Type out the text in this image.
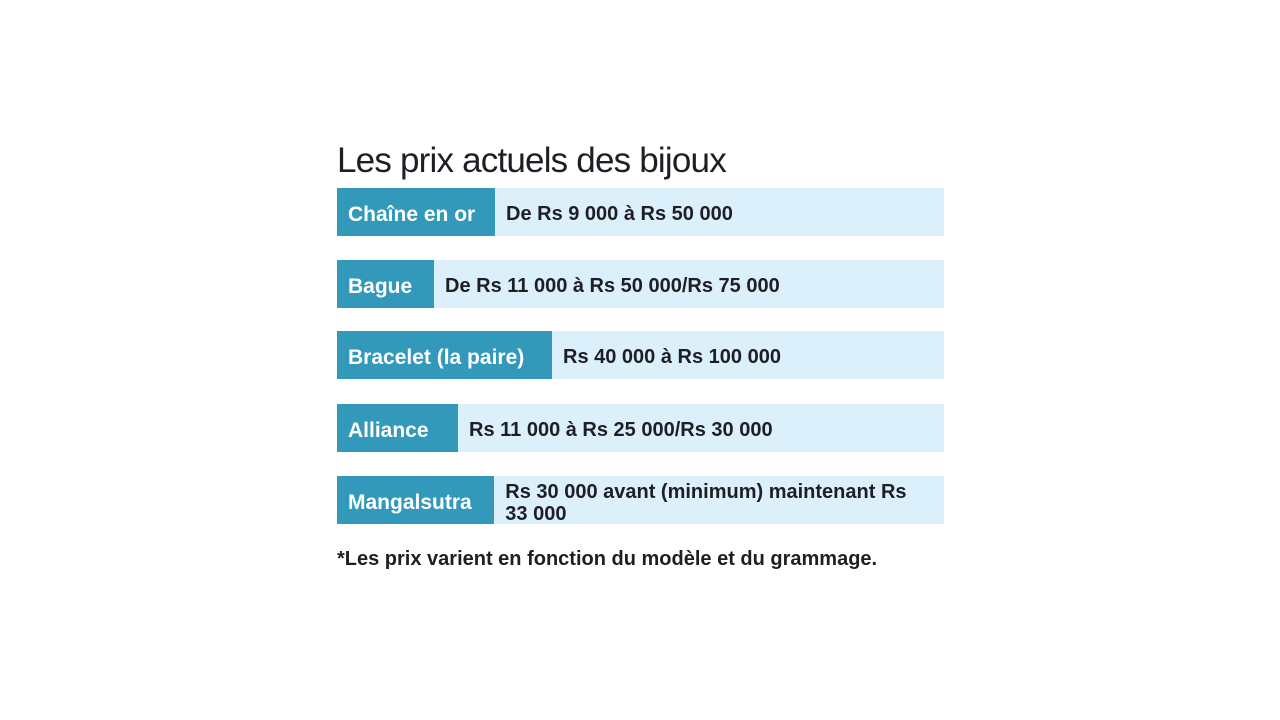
Les prix actuels des bijoux
Chaîne en or	De Rs 9 000 à Rs 50 000
Bague	De Rs 11 000 à Rs 50 000/Rs 75 000
Bracelet (la paire)	Rs 40 000 à Rs 100 000
Alliance	Rs 11 000 à Rs 25 000/Rs 30 000
Mangalsutra	Rs 30 000 avant (minimum) maintenant Rs 33 000
*Les prix varient en fonction du modèle et du grammage.
